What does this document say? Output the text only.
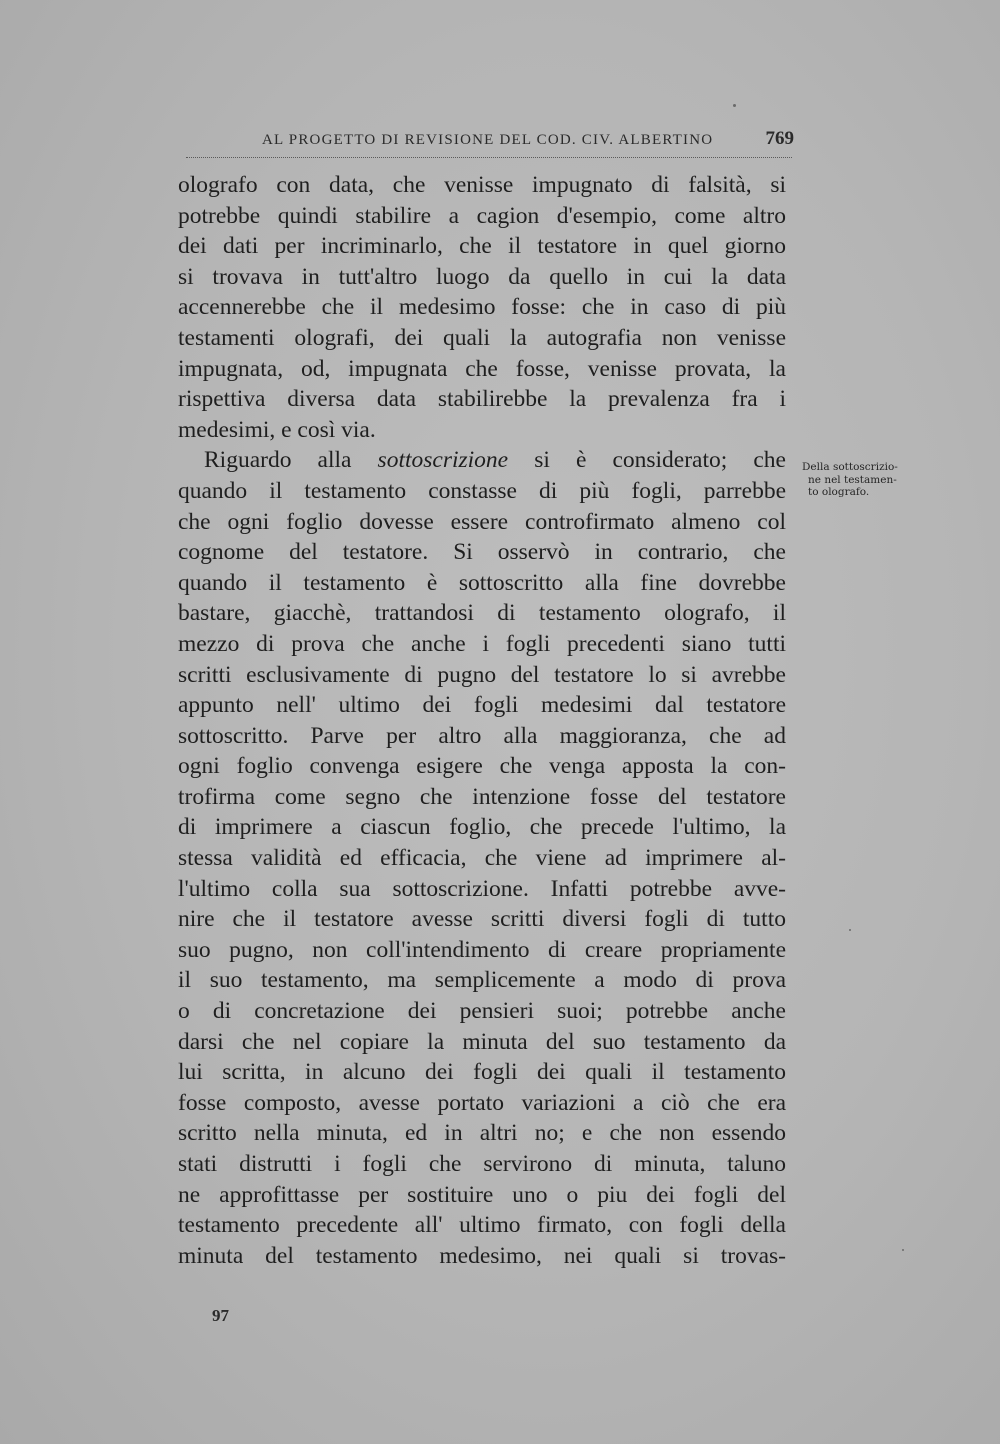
AL PROGETTO DI REVISIONE DEL COD. CIV. ALBERTINO	769

olografo con data, che venisse impugnato di falsità, si
potrebbe quindi stabilire a cagion d'esempio, come altro
dei dati per incriminarlo, che il testatore in quel giorno
si trovava in tutt'altro luogo da quello in cui la data
accennerebbe che il medesimo fosse: che in caso di più
testamenti olografi, dei quali la autografia non venisse
impugnata, od, impugnata che fosse, venisse provata, la
rispettiva diversa data stabilirebbe la prevalenza fra i
medesimi, e così via.

Riguardo alla sottoscrizione si è considerato; che
quando il testamento constasse di più fogli, parrebbe
che ogni foglio dovesse essere controfirmato almeno col
cognome del testatore. Si osservò in contrario, che
quando il testamento è sottoscritto alla fine dovrebbe
bastare, giacchè, trattandosi di testamento olografo, il
mezzo di prova che anche i fogli precedenti siano tutti
scritti esclusivamente di pugno del testatore lo si avrebbe
appunto nell' ultimo dei fogli medesimi dal testatore
sottoscritto. Parve per altro alla maggioranza, che ad
ogni foglio convenga esigere che venga apposta la con-
trofirma come segno che intenzione fosse del testatore
di imprimere a ciascun foglio, che precede l'ultimo, la
stessa validità ed efficacia, che viene ad imprimere al-
l'ultimo colla sua sottoscrizione. Infatti potrebbe avve-
nire che il testatore avesse scritti diversi fogli di tutto
suo pugno, non coll'intendimento di creare propriamente
il suo testamento, ma semplicemente a modo di prova
o di concretazione dei pensieri suoi; potrebbe anche
darsi che nel copiare la minuta del suo testamento da
lui scritta, in alcuno dei fogli dei quali il testamento
fosse composto, avesse portato variazioni a ciò che era
scritto nella minuta, ed in altri no; e che non essendo
stati distrutti i fogli che servirono di minuta, taluno
ne approfittasse per sostituire uno o piu dei fogli del
testamento precedente all' ultimo firmato, con fogli della
minuta del testamento medesimo, nei quali si trovas-

Della sottoscrizio-
ne nel testamen-
to olografo.
97
